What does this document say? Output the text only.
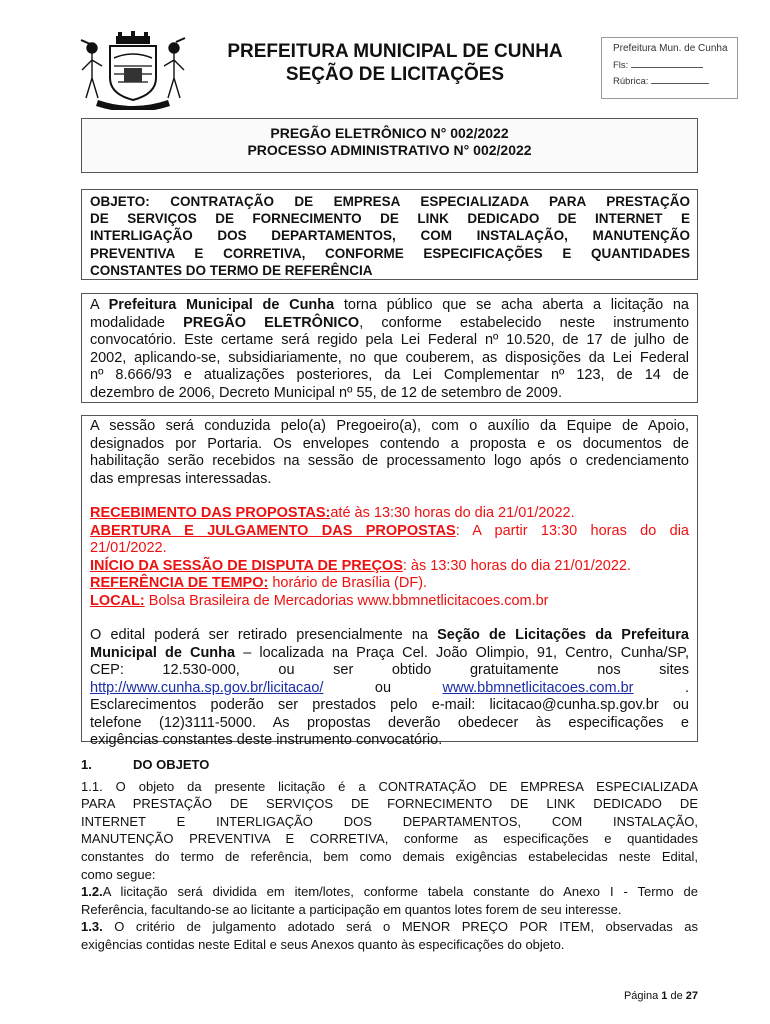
PREFEITURA MUNICIPAL DE CUNHA
SEÇÃO DE LICITAÇÕES
Prefeitura Mun. de Cunha
Fls:
Rúbrica:
PREGÃO ELETRÔNICO N° 002/2022
PROCESSO ADMINISTRATIVO N° 002/2022
OBJETO: CONTRATAÇÃO DE EMPRESA ESPECIALIZADA PARA PRESTAÇÃO
DE SERVIÇOS DE FORNECIMENTO DE LINK DEDICADO DE INTERNET E
INTERLIGAÇÃO DOS DEPARTAMENTOS, COM INSTALAÇÃO, MANUTENÇÃO
PREVENTIVA E CORRETIVA, CONFORME ESPECIFICAÇÕES E QUANTIDADES
CONSTANTES DO TERMO DE REFERÊNCIA
A Prefeitura Municipal de Cunha torna público que se acha aberta a licitação na
modalidade PREGÃO ELETRÔNICO, conforme estabelecido neste instrumento
convocatório. Este certame será regido pela Lei Federal nº 10.520, de 17 de julho de
2002, aplicando-se, subsidiariamente, no que couberem, as disposições da Lei Federal
nº 8.666/93 e atualizações posteriores, da Lei Complementar nº 123, de 14 de
dezembro de 2006, Decreto Municipal nº 55, de 12 de setembro de 2009.
A sessão será conduzida pelo(a) Pregoeiro(a), com o auxílio da Equipe de Apoio,
designados por Portaria. Os envelopes contendo a proposta e os documentos de
habilitação serão recebidos na sessão de processamento logo após o credenciamento
das empresas interessadas.

RECEBIMENTO DAS PROPOSTAS:até às 13:30 horas do dia 21/01/2022.

ABERTURA E JULGAMENTO DAS PROPOSTAS: A partir 13:30 horas do dia

21/01/2022.

INÍCIO DA SESSÃO DE DISPUTA DE PREÇOS: às 13:30 horas do dia 21/01/2022.

REFERÊNCIA DE TEMPO: horário de Brasília (DF).

LOCAL: Bolsa Brasileira de Mercadorias www.bbmnetlicitacoes.com.br

O edital poderá ser retirado presencialmente na Seção de Licitações da Prefeitura
Municipal de Cunha – localizada na Praça Cel. João Olimpio, 91, Centro, Cunha/SP,
CEP: 12.530-000, ou ser obtido gratuitamente nos sites
http://www.cunha.sp.gov.br/licitacao/	ou	www.bbmnetlicitacoes.com.br	.
Esclarecimentos poderão ser prestados pelo e-mail: licitacao@cunha.sp.gov.br ou
telefone (12)3111-5000. As propostas deverão obedecer às especificações e
exigências constantes deste instrumento convocatório.
1.	DO OBJETO
1.1. O objeto da presente licitação é a CONTRATAÇÃO DE EMPRESA ESPECIALIZADA
PARA PRESTAÇÃO DE SERVIÇOS DE FORNECIMENTO DE LINK DEDICADO DE
INTERNET E INTERLIGAÇÃO DOS DEPARTAMENTOS, COM INSTALAÇÃO,
MANUTENÇÃO PREVENTIVA E CORRETIVA, conforme as especificações e quantidades
constantes do termo de referência, bem como demais exigências estabelecidas neste Edital,
como segue:
1.2.A licitação será dividida em item/lotes, conforme tabela constante do Anexo I - Termo de
Referência, facultando-se ao licitante a participação em quantos lotes forem de seu interesse.
1.3. O critério de julgamento adotado será o MENOR PREÇO POR ITEM, observadas as
exigências contidas neste Edital e seus Anexos quanto às especificações do objeto.
Página 1 de 27
